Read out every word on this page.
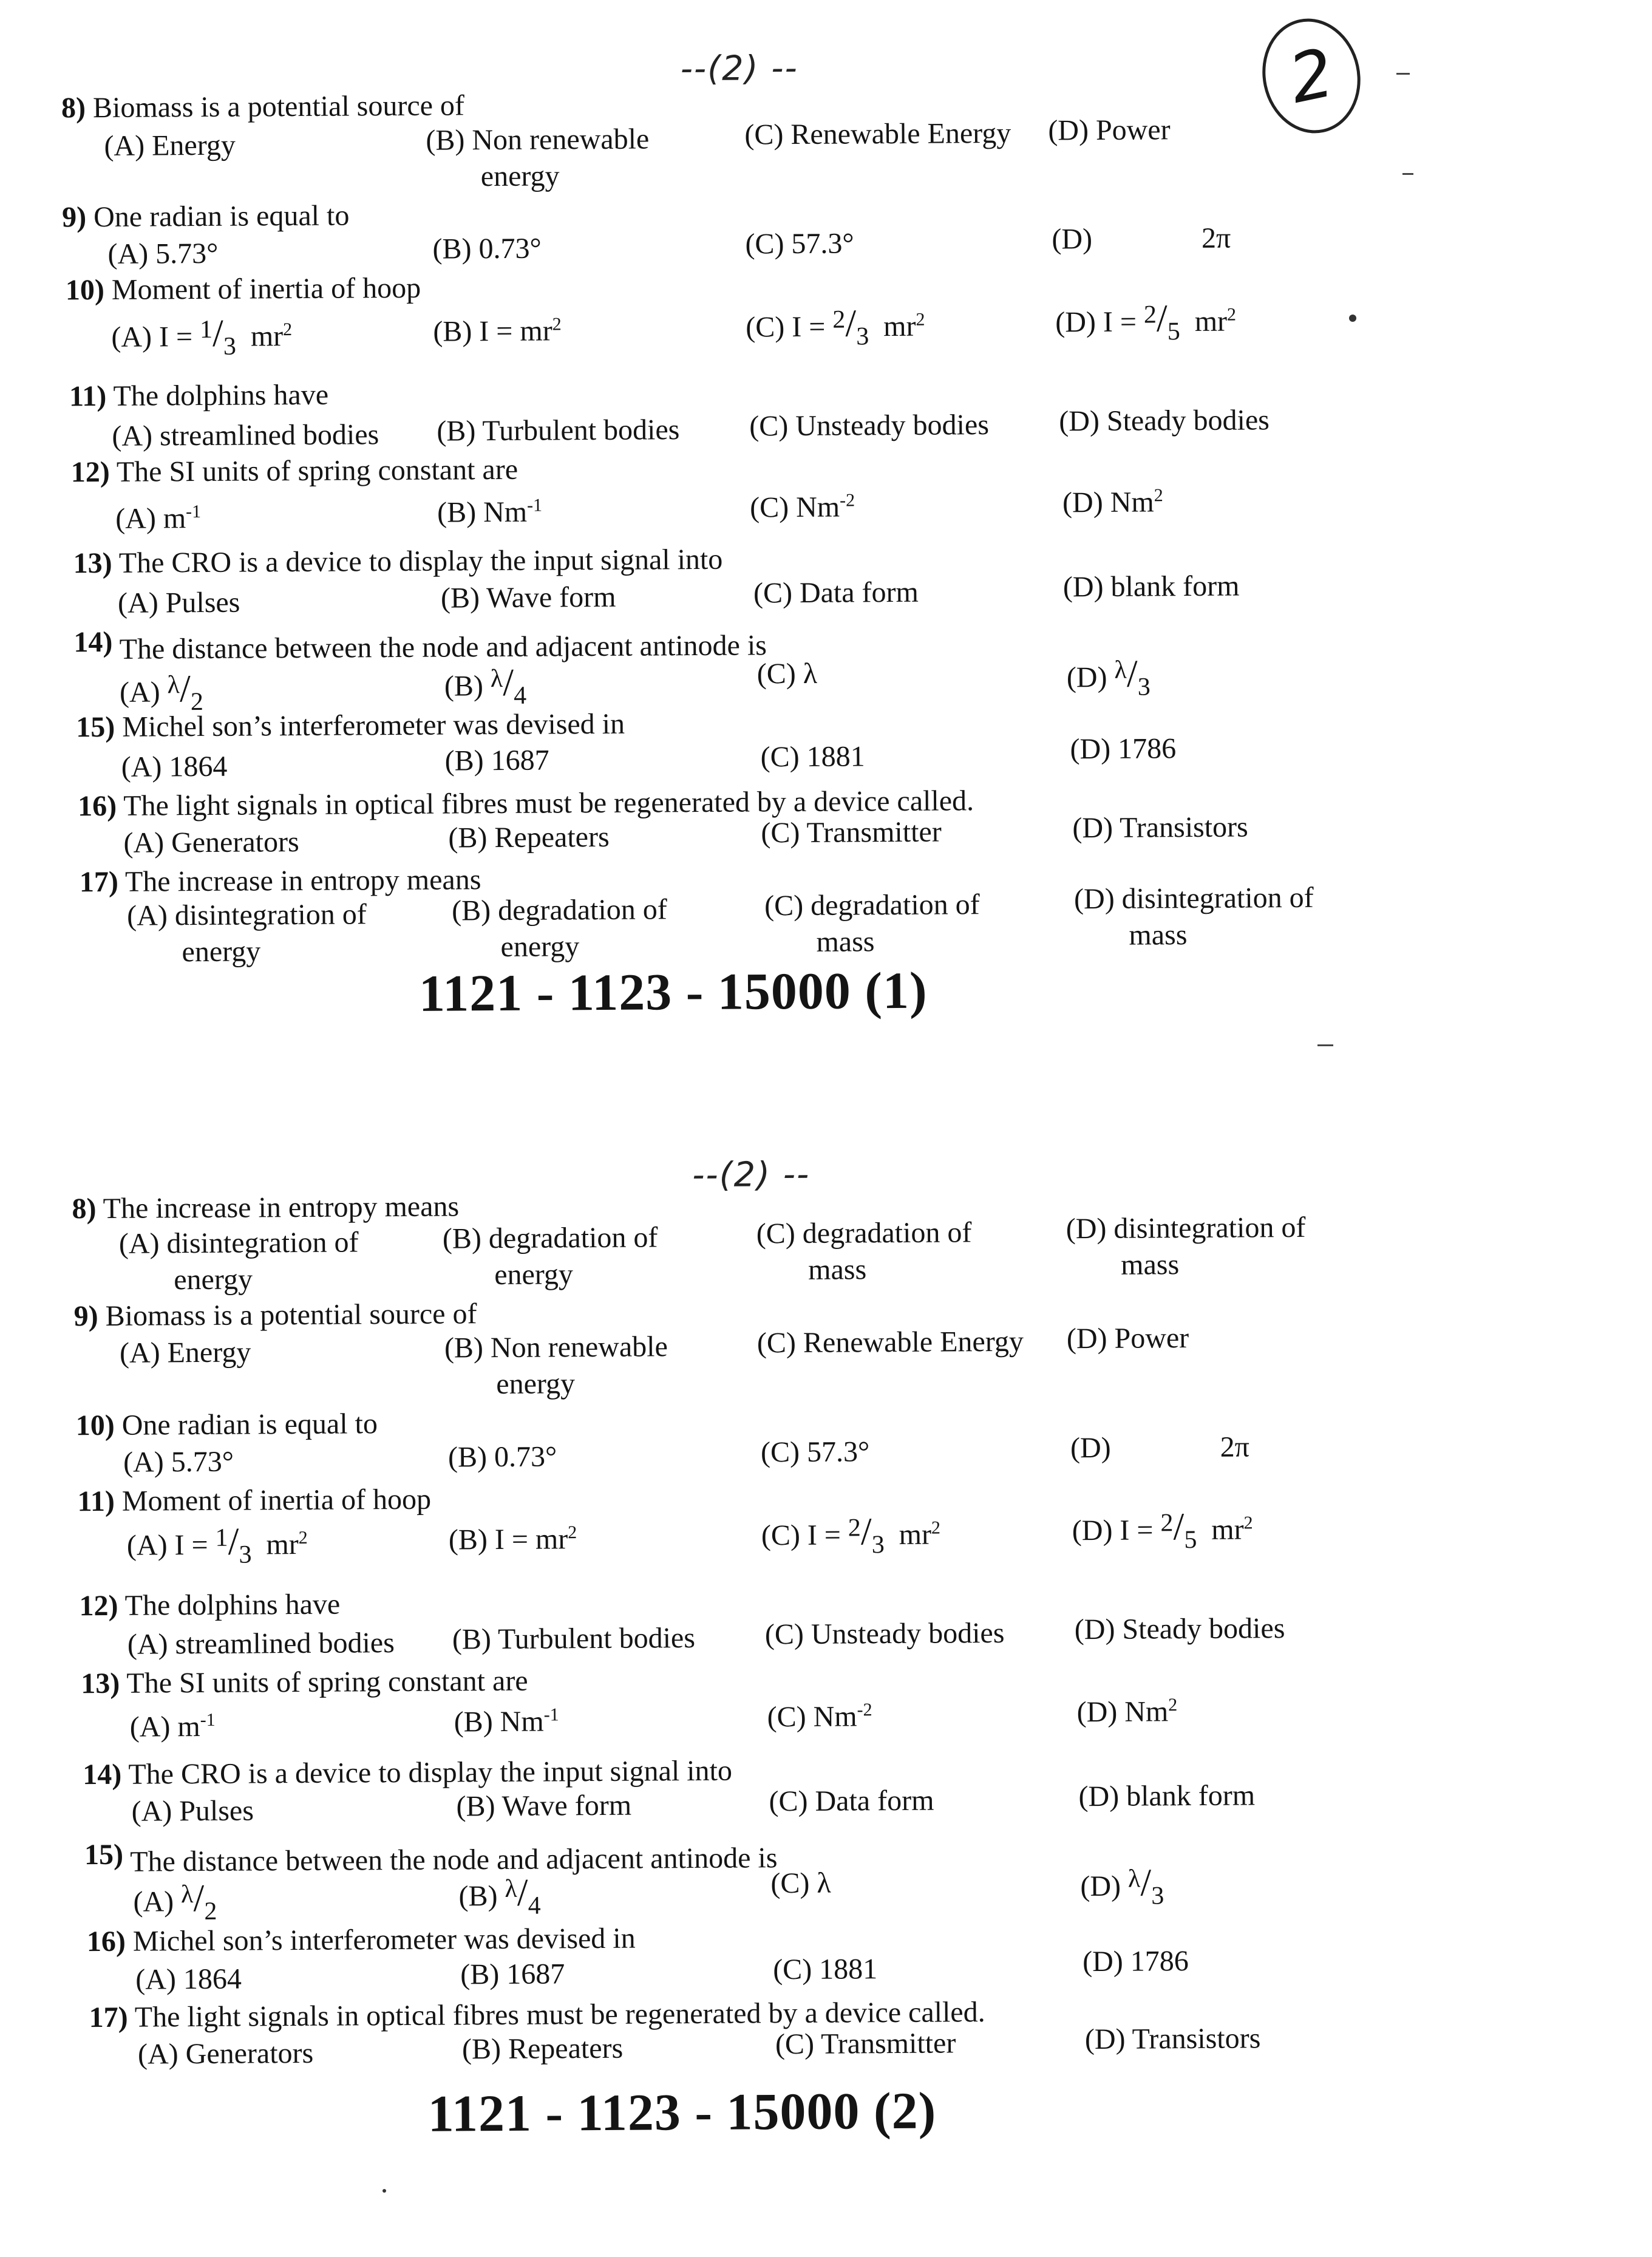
2
--(2) --
8) Biomass is a potential source of
(A) Energy	(B) Non renewable
energy
(C) Renewable Energy (D) Power
9) One radian is equal to
(A) 5.73°	(B) 0.73°	(C) 57.3°	(D)	2π
10) Moment of inertia of hoop
(A) I = 1/3 $mr^2$	(B) $I = mr^2$	(C) I = 2/3 $mr^2$	(D) I = 2/5 $mr^2$
11) The dolphins have
(A) streamlined bodies (B) Turbulent bodies (C) Unsteady bodies (D) Steady bodies
12) The SI units of spring constant are
(A) $m^{-1}$	(B) $Nm^{-1}$	(C) $Nm^{-2}$	(D) Nm$^2$
13) The CRO is a device to display the input signal into
(A) Pulses	(B) Wave form	(C) Data form	(D) blank form
14) The distance between the node and adjacent antinode is
(A) λ/2	(B) λ/4
(C) λ	(D) λ/3
15) Michel son’s interferometer was devised in
(A) 1864	(B) 1687	(C) 1881	(D) 1786
16) The light signals in optical fibres must be regenerated by a device called.
(A) Generators	(B) Repeaters	(C) Transmitter	(D) Transistors
17) The increase in entropy means
(A) disintegration of
energy
(B) degradation of
energy
(C) degradation of
mass
(D) disintegration of
mass
1121 - 1123 - 15000 (1)
--(2) --
8) The increase in entropy means
(A) disintegration of
energy
(B) degradation of
energy
(C) degradation of
mass
(D) disintegration of
mass
9) Biomass is a potential source of
(A) Energy	(B) Non renewable
energy
(C) Renewable Energy (D) Power
10) One radian is equal to
(A) 5.73°	(B) 0.73°	(C) 57.3°	(D)	2π
11) Moment of inertia of hoop
(A) I = 1/3 $mr^2$	(B) $I = mr^2$	(C) I = 2/3 $mr^2$	(D) I = 2/5 $mr^2$
12) The dolphins have
(A) streamlined bodies (B) Turbulent bodies (C) Unsteady bodies (D) Steady bodies
13) The SI units of spring constant are
(A) $m^{-1}$	(B) $Nm^{-1}$	(C) $Nm^{-2}$	(D) Nm$^2$
14) The CRO is a device to display the input signal into
(A) Pulses	(B) Wave form	(C) Data form	(D) blank form
15) The distance between the node and adjacent antinode is
(A) λ/2	(B) λ/4
(C) λ	(D) λ/3
16) Michel son’s interferometer was devised in
(A) 1864	(B) 1687	(C) 1881	(D) 1786
17) The light signals in optical fibres must be regenerated by a device called.
(A) Generators	(B) Repeaters	(C) Transmitter	(D) Transistors
1121 - 1123 - 15000 (2)
